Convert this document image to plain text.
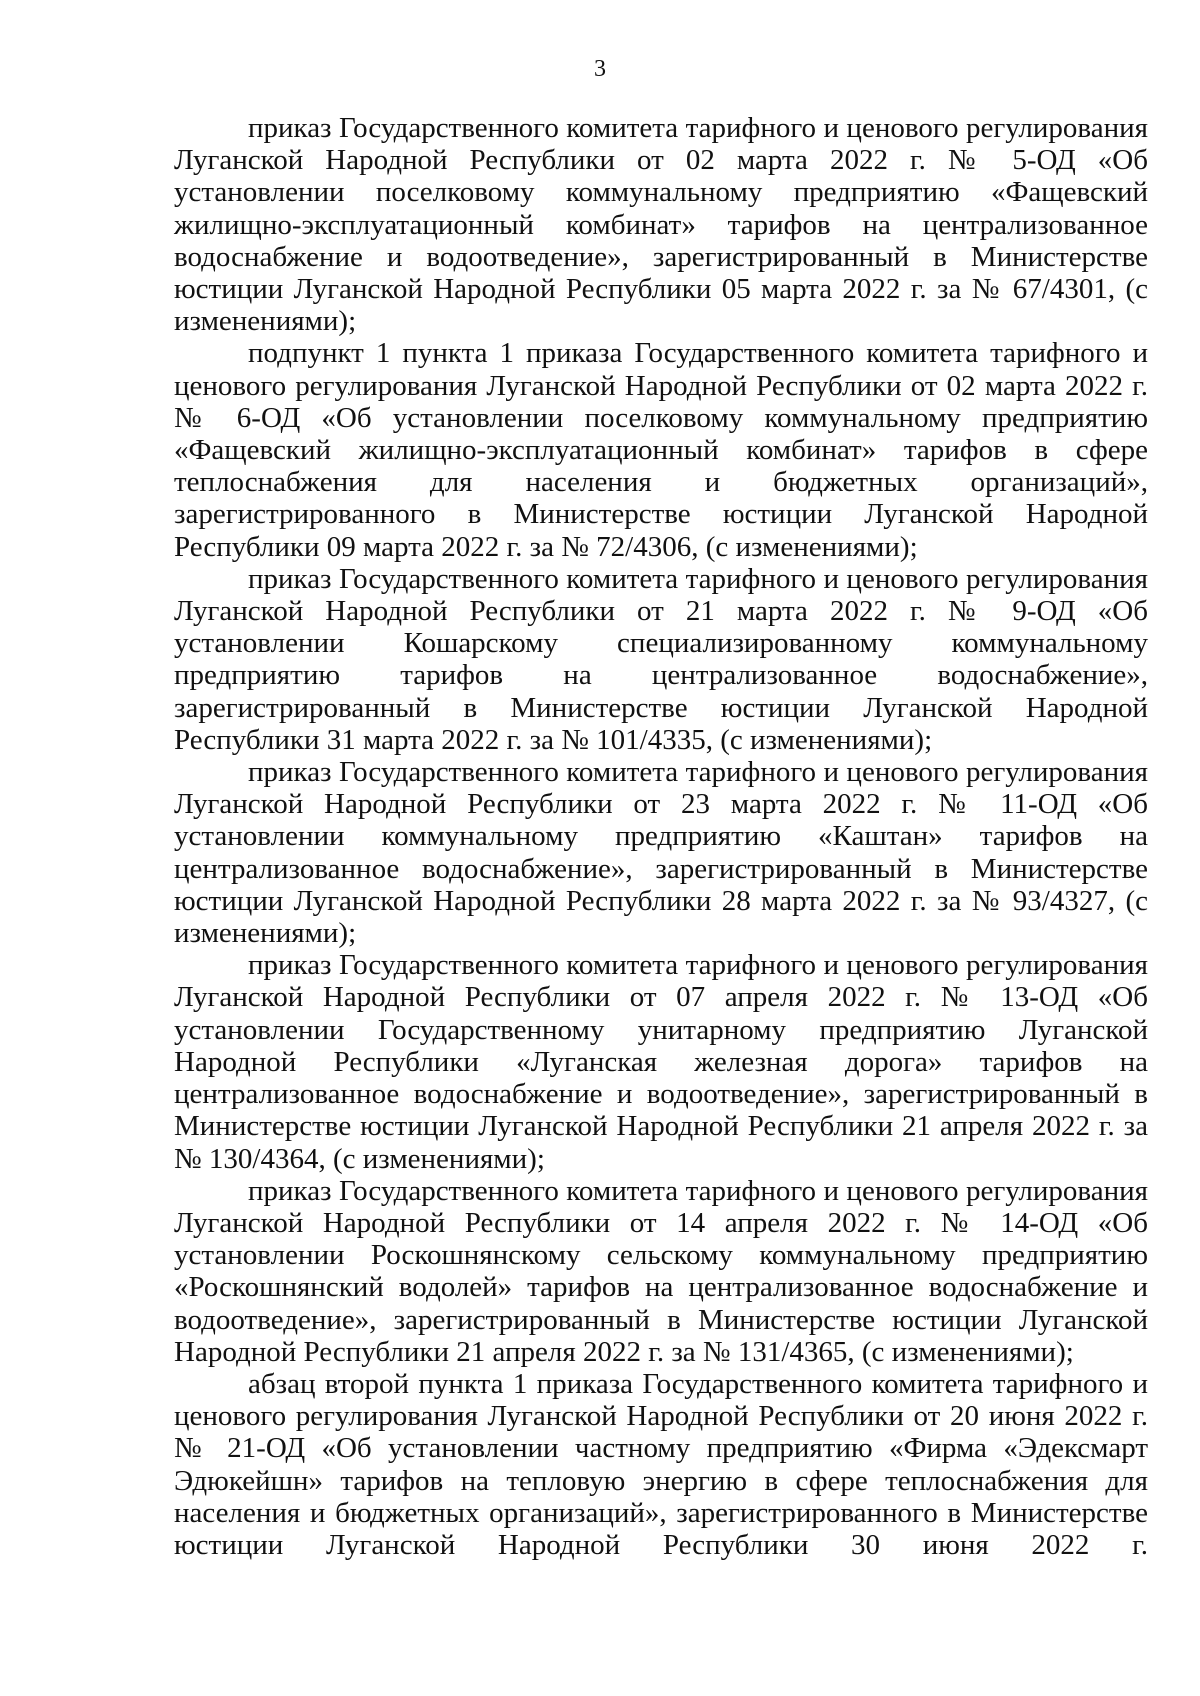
3

приказ Государственного комитета тарифного и ценового регулирования Луганской Народной Республики от 02 марта 2022 г. № 5-ОД «Об установлении поселковому коммунальному предприятию «Фащевский жилищно-эксплуатационный комбинат» тарифов на централизованное водоснабжение и водоотведение», зарегистрированный в Министерстве юстиции Луганской Народной Республики 05 марта 2022 г. за № 67/4301, (с изменениями);

подпункт 1 пункта 1 приказа Государственного комитета тарифного и ценового регулирования Луганской Народной Республики от 02 марта 2022 г. № 6-ОД «Об установлении поселковому коммунальному предприятию «Фащевский жилищно-эксплуатационный комбинат» тарифов в сфере теплоснабжения для населения и бюджетных организаций», зарегистрированного в Министерстве юстиции Луганской Народной Республики 09 марта 2022 г. за № 72/4306, (с изменениями);

приказ Государственного комитета тарифного и ценового регулирования Луганской Народной Республики от 21 марта 2022 г. № 9-ОД «Об установлении Кошарскому специализированному коммунальному предприятию тарифов на централизованное водоснабжение», зарегистрированный в Министерстве юстиции Луганской Народной Республики 31 марта 2022 г. за № 101/4335, (с изменениями);

приказ Государственного комитета тарифного и ценового регулирования Луганской Народной Республики от 23 марта 2022 г. № 11-ОД «Об установлении коммунальному предприятию «Каштан» тарифов на централизованное водоснабжение», зарегистрированный в Министерстве юстиции Луганской Народной Республики 28 марта 2022 г. за № 93/4327, (с изменениями);

приказ Государственного комитета тарифного и ценового регулирования Луганской Народной Республики от 07 апреля 2022 г. № 13-ОД «Об установлении Государственному унитарному предприятию Луганской Народной Республики «Луганская железная дорога» тарифов на централизованное водоснабжение и водоотведение», зарегистрированный в Министерстве юстиции Луганской Народной Республики 21 апреля 2022 г. за № 130/4364, (с изменениями);

приказ Государственного комитета тарифного и ценового регулирования Луганской Народной Республики от 14 апреля 2022 г. № 14-ОД «Об установлении Роскошнянскому сельскому коммунальному предприятию «Роскошнянский водолей» тарифов на централизованное водоснабжение и водоотведение», зарегистрированный в Министерстве юстиции Луганской Народной Республики 21 апреля 2022 г. за № 131/4365, (с изменениями);

абзац второй пункта 1 приказа Государственного комитета тарифного и ценового регулирования Луганской Народной Республики от 20 июня 2022 г. № 21-ОД «Об установлении частному предприятию «Фирма «Эдексмарт Эдюкейшн» тарифов на тепловую энергию в сфере теплоснабжения для населения и бюджетных организаций», зарегистрированного в Министерстве юстиции Луганской Народной Республики 30 июня 2022 г.
